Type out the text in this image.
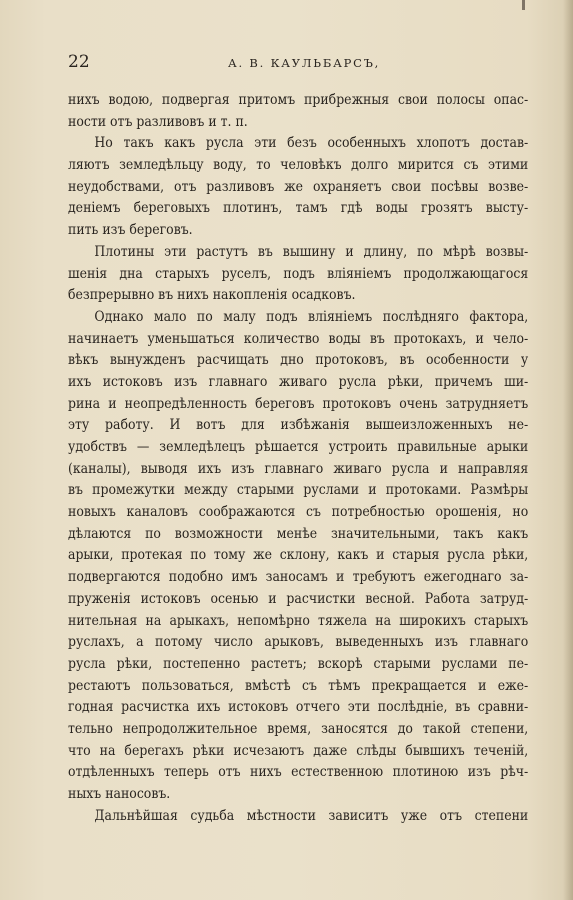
22	А. В. КАУЛЬБАРСЪ,
нихъ водою, подвергая притомъ прибрежныя свои полосы опас-
ности отъ разливовъ и т. п.
Но такъ какъ русла эти безъ особенныхъ хлопотъ достав-
ляютъ земледѣльцу воду, то человѣкъ долго мирится съ этими
неудобствами, отъ разливовъ же охраняетъ свои посѣвы возве-
деніемъ береговыхъ плотинъ, тамъ гдѣ воды грозятъ высту-
пить изъ береговъ.
Плотины эти растутъ въ вышину и длину, по мѣрѣ возвы-
шенія дна старыхъ руселъ, подъ вліяніемъ продолжающагося
безпрерывно въ нихъ накопленія осадковъ.
Однако мало по малу подъ вліяніемъ послѣдняго фактора,
начинаетъ уменьшаться количество воды въ протокахъ, и чело-
вѣкъ вынужденъ расчищать дно протоковъ, въ особенности у
ихъ истоковъ изъ главнаго живаго русла рѣки, причемъ ши-
рина и неопредѣленность береговъ протоковъ очень затрудняетъ
эту работу. И вотъ для избѣжанія вышеизложенныхъ не-
удобствъ — земледѣлецъ рѣшается устроить правильные арыки
(каналы), выводя ихъ изъ главнаго живаго русла и направляя
въ промежутки между старыми руслами и протоками. Размѣры
новыхъ каналовъ соображаются съ потребностью орошенія, но
дѣлаются по возможности менѣе значительными, такъ какъ
арыки, протекая по тому же склону, какъ и старыя русла рѣки,
подвергаются подобно имъ заносамъ и требуютъ ежегоднаго за-
пруженія истоковъ осенью и расчистки весной. Работа затруд-
нительная на арыкахъ, непомѣрно тяжела на широкихъ старыхъ
руслахъ, а потому число арыковъ, выведенныхъ изъ главнаго
русла рѣки, постепенно растетъ; вскорѣ старыми руслами пе-
рестаютъ пользоваться, вмѣстѣ съ тѣмъ прекращается и еже-
годная расчистка ихъ истоковъ отчего эти послѣдніе, въ сравни-
тельно непродолжительное время, заносятся до такой степени,
что на берегахъ рѣки исчезаютъ даже слѣды бывшихъ теченій,
отдѣленныхъ теперь отъ нихъ естественною плотиною изъ рѣч-
ныхъ наносовъ.
Дальнѣйшая судьба мѣстности зависитъ уже отъ степени
